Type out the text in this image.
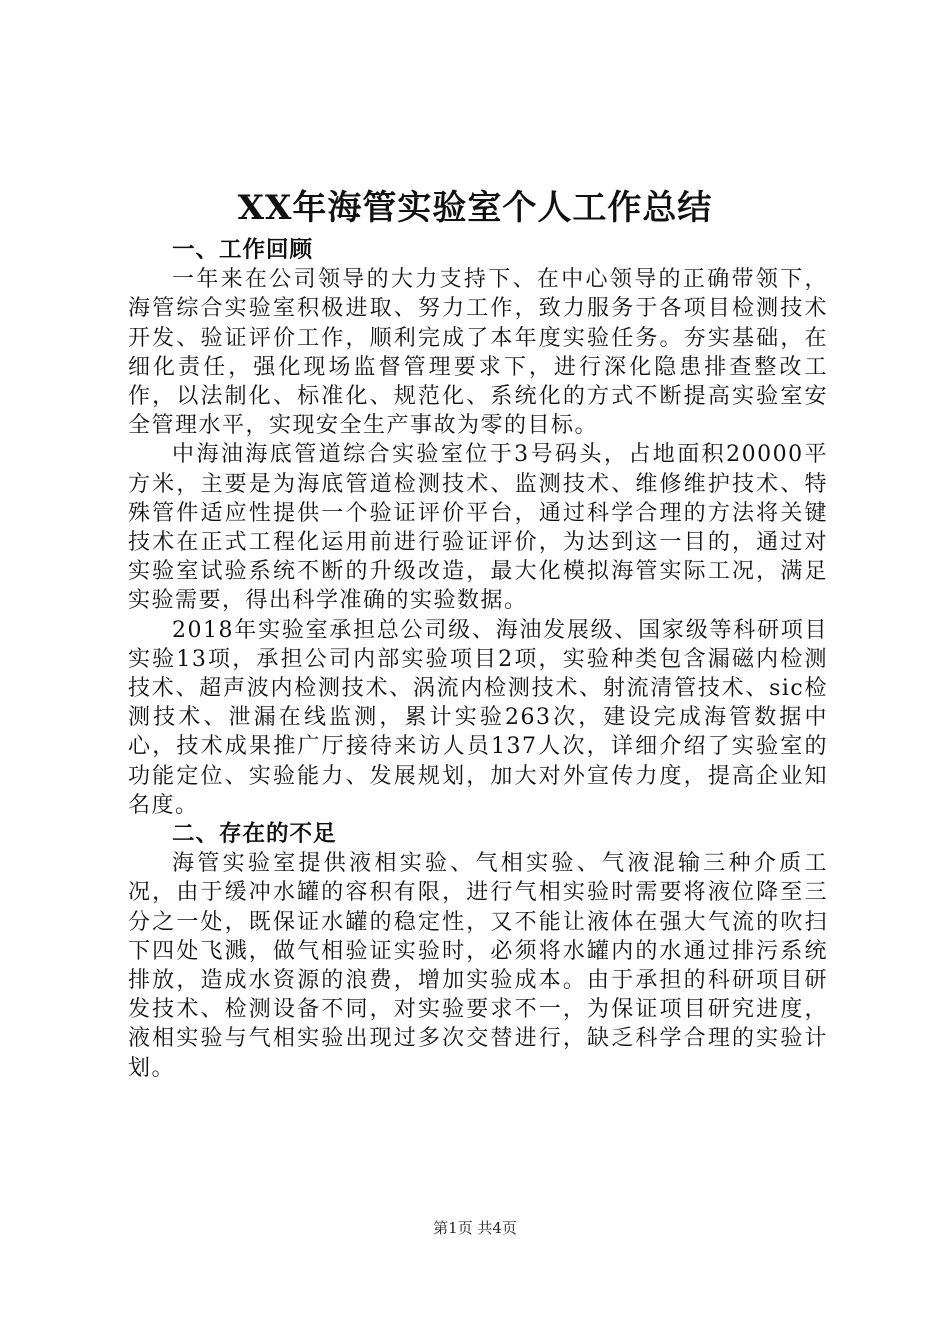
XX年海管实验室个人工作总结

一、工作回顾

一年来在公司领导的大力支持下、在中心领导的正确带领下，海管综合实验室积极进取、努力工作，致力服务于各项目检测技术开发、验证评价工作，顺利完成了本年度实验任务。夯实基础，在细化责任，强化现场监督管理要求下，进行深化隐患排查整改工作，以法制化、标准化、规范化、系统化的方式不断提高实验室安全管理水平，实现安全生产事故为零的目标。

中海油海底管道综合实验室位于3号码头，占地面积20000平方米，主要是为海底管道检测技术、监测技术、维修维护技术、特殊管件适应性提供一个验证评价平台，通过科学合理的方法将关键技术在正式工程化运用前进行验证评价，为达到这一目的，通过对实验室试验系统不断的升级改造，最大化模拟海管实际工况，满足实验需要，得出科学准确的实验数据。

2018年实验室承担总公司级、海油发展级、国家级等科研项目实验13项，承担公司内部实验项目2项，实验种类包含漏磁内检测技术、超声波内检测技术、涡流内检测技术、射流清管技术、sic检测技术、泄漏在线监测，累计实验263次，建设完成海管数据中心，技术成果推广厅接待来访人员137人次，详细介绍了实验室的功能定位、实验能力、发展规划，加大对外宣传力度，提高企业知名度。

二、存在的不足

海管实验室提供液相实验、气相实验、气液混输三种介质工况，由于缓冲水罐的容积有限，进行气相实验时需要将液位降至三分之一处，既保证水罐的稳定性，又不能让液体在强大气流的吹扫下四处飞溅，做气相验证实验时，必须将水罐内的水通过排污系统排放，造成水资源的浪费，增加实验成本。由于承担的科研项目研发技术、检测设备不同，对实验要求不一，为保证项目研究进度，液相实验与气相实验出现过多次交替进行，缺乏科学合理的实验计划。

第1页 共4页
